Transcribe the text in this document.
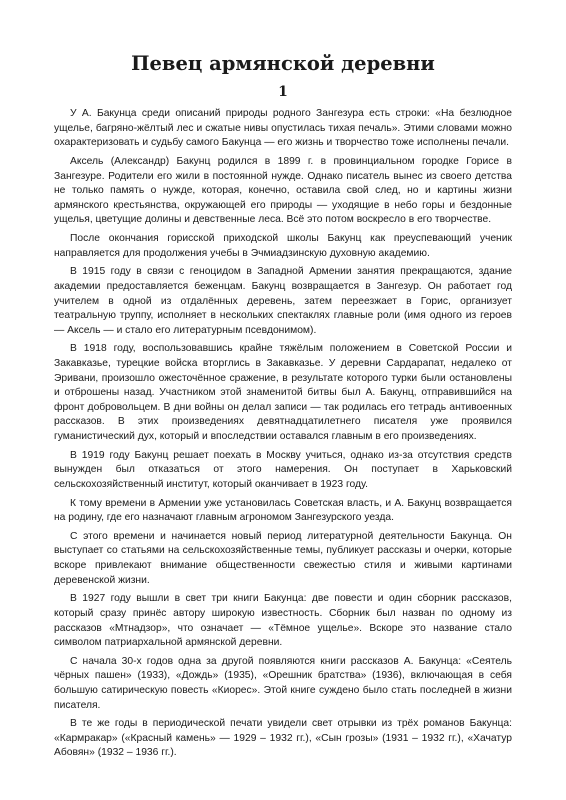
Певец армянской деревни
1

У А. Бакунца среди описаний природы родного Зангезура есть строки: «На безлюдное ущелье, багряно-жёлтый лес и сжатые нивы опустилась тихая печаль». Этими словами можно охарактеризовать и судьбу самого Бакунца — его жизнь и творчество тоже исполнены печали.

Аксель (Александр) Бакунц родился в 1899 г. в провинциальном городке Горисе в Зангезуре. Родители его жили в постоянной нужде. Однако писатель вынес из своего детства не только память о нужде, которая, конечно, оставила свой след, но и картины жизни армянского крестьянства, окружающей его природы — уходящие в небо горы и бездонные ущелья, цветущие долины и девственные леса. Всё это потом воскресло в его творчестве.

После окончания горисской приходской школы Бакунц как преуспевающий ученик направляется для продолжения учебы в Эчмиадзинскую духовную академию.

В 1915 году в связи с геноцидом в Западной Армении занятия прекращаются, здание академии предоставляется беженцам. Бакунц возвращается в Зангезур. Он работает год учителем в одной из отдалённых деревень, затем переезжает в Горис, организует театральную труппу, исполняет в нескольких спектаклях главные роли (имя одного из героев — Аксель — и стало его литературным псевдонимом).

В 1918 году, воспользовавшись крайне тяжёлым положением в Советской России и Закавказье, турецкие войска вторглись в Закавказье. У деревни Сардарапат, недалеко от Эривани, произошло ожесточённое сражение, в результате которого турки были остановлены и отброшены назад. Участником этой знаменитой битвы был А. Бакунц, отправившийся на фронт добровольцем. В дни войны он делал записи — так родилась его тетрадь антивоенных рассказов. В этих произведениях девятнадцатилетнего писателя уже проявился гуманистический дух, который и впоследствии оставался главным в его произведениях.

В 1919 году Бакунц решает поехать в Москву учиться, однако из-за отсутствия средств вынужден был отказаться от этого намерения. Он поступает в Харьковский сельскохозяйственный институт, который оканчивает в 1923 году.

К тому времени в Армении уже установилась Советская власть, и А. Бакунц возвращается на родину, где его назначают главным агрономом Зангезурского уезда.

С этого времени и начинается новый период литературной деятельности Бакунца. Он выступает со статьями на сельскохозяйственные темы, публикует рассказы и очерки, которые вскоре привлекают внимание общественности свежестью стиля и живыми картинами деревенской жизни.

В 1927 году вышли в свет три книги Бакунца: две повести и один сборник рассказов, который сразу принёс автору широкую известность. Сборник был назван по одному из рассказов «Мтнадзор», что означает — «Тёмное ущелье». Вскоре это название стало символом патриархальной армянской деревни.

С начала 30-х годов одна за другой появляются книги рассказов А. Бакунца: «Сеятель чёрных пашен» (1933), «Дождь» (1935), «Орешник братства» (1936), включающая в себя большую сатирическую повесть «Киорес». Этой книге суждено было стать последней в жизни писателя.

В те же годы в периодической печати увидели свет отрывки из трёх романов Бакунца: «Кармракар» («Красный камень» — 1929 – 1932 гг.), «Сын грозы» (1931 – 1932 гг.), «Хачатур Абовян» (1932 – 1936 гг.).
